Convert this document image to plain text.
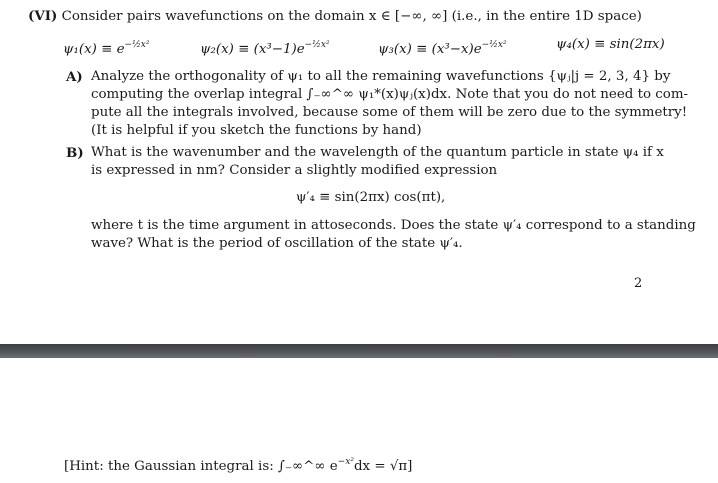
(VI) Consider pairs wavefunctions on the domain x ∈ [−∞, ∞] (i.e., in the entire 1D space)
$\psi_1(x) \equiv e^{-\frac{1}{2}x^2}$	$\psi_2(x) \equiv (x^3-1)e^{-\frac{1}{2}x^2}$	$\psi_3(x) \equiv (x^3-x)e^{-\frac{1}{2}x^2}$	ψ₄(x) ≡ sin(2πx)
A) Analyze the orthogonality of ψ₁ to all the remaining wavefunctions {ψⱼ|j = 2, 3, 4} by
computing the overlap integral ∫₋∞^∞ ψ₁*(x)ψⱼ(x)dx. Note that you do not need to com-
pute all the integrals involved, because some of them will be zero due to the symmetry!
(It is helpful if you sketch the functions by hand)
B) What is the wavenumber and the wavelength of the quantum particle in state ψ₄ if x
is expressed in nm? Consider a slightly modified expression
ψ′₄ ≡ sin(2πx) cos(πt),
where t is the time argument in attoseconds. Does the state ψ′₄ correspond to a standing
wave? What is the period of oscillation of the state ψ′₄.
2
[Hint: the Gaussian integral is: ∫₋∞^∞ $e^{-x^2}dx = √\pi$]
